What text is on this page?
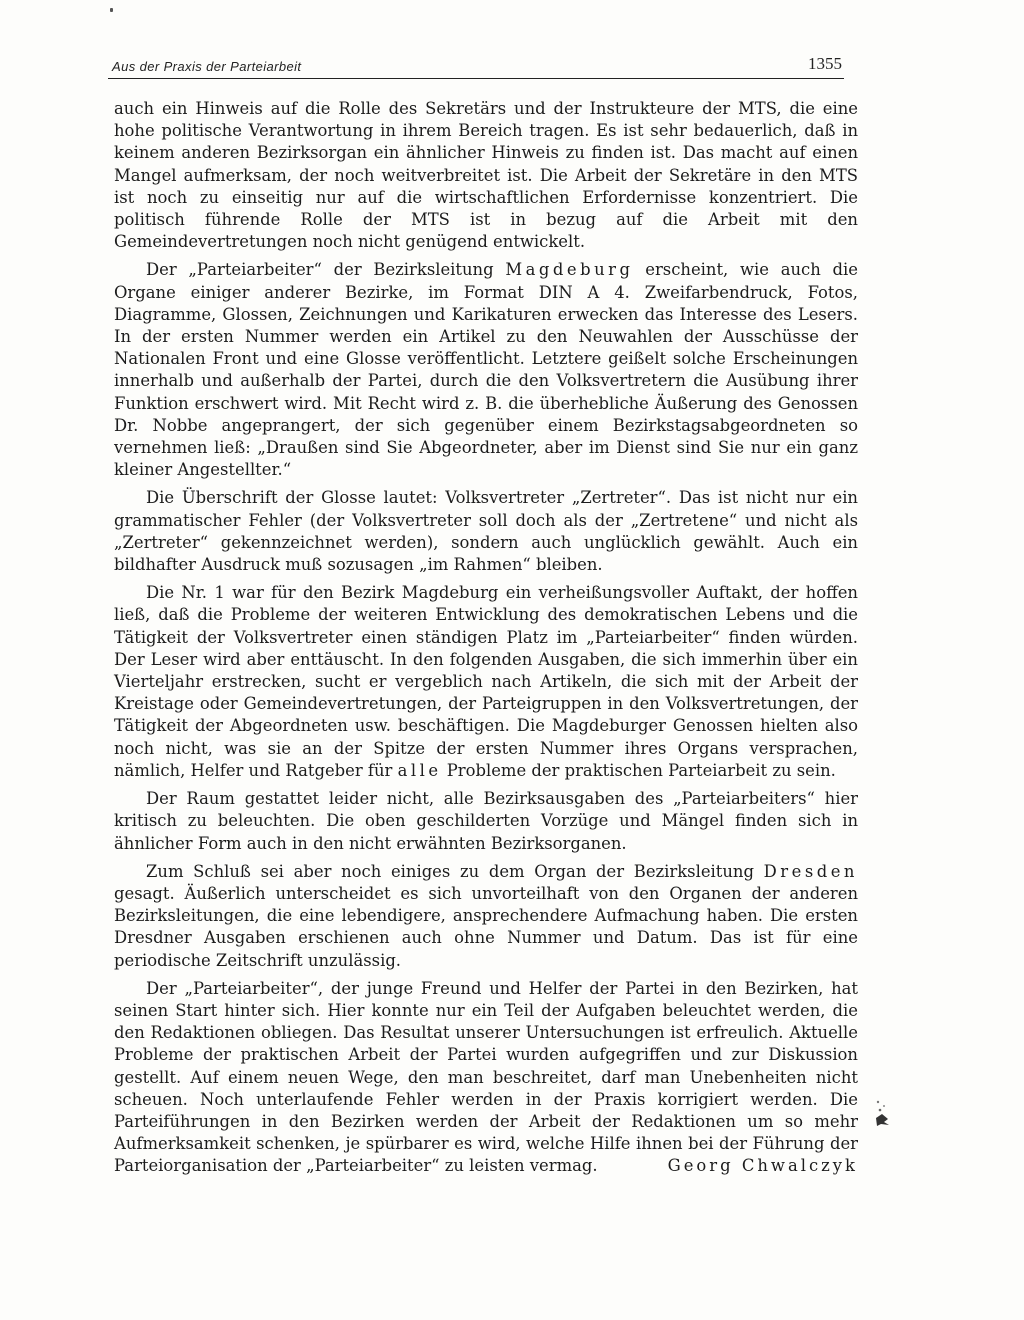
Aus der Praxis der Parteiarbeit	1355

auch ein Hinweis auf die Rolle des Sekretärs und der Instrukteure der MTS, die eine hohe politische Verantwortung in ihrem Bereich tragen. Es ist sehr bedauerlich, daß in keinem anderen Bezirksorgan ein ähnlicher Hinweis zu finden ist. Das macht auf einen Mangel aufmerksam, der noch weitverbreitet ist. Die Arbeit der Sekretäre in den MTS ist noch zu einseitig nur auf die wirtschaftlichen Erfordernisse konzentriert. Die politisch führende Rolle der MTS ist in bezug auf die Arbeit mit den Gemeindevertretungen noch nicht genügend entwickelt.

Der „Parteiarbeiter“ der Bezirksleitung Magdeburg erscheint, wie auch die Organe einiger anderer Bezirke, im Format DIN A 4. Zweifarbendruck, Fotos, Diagramme, Glossen, Zeichnungen und Karikaturen erwecken das Interesse des Lesers. In der ersten Nummer werden ein Artikel zu den Neuwahlen der Ausschüsse der Nationalen Front und eine Glosse veröffentlicht. Letztere geißelt solche Erscheinungen innerhalb und außerhalb der Partei, durch die den Volksvertretern die Ausübung ihrer Funktion erschwert wird. Mit Recht wird z. B. die überhebliche Äußerung des Genossen Dr. Nobbe angeprangert, der sich gegenüber einem Bezirkstagsabgeordneten so vernehmen ließ: „Draußen sind Sie Abgeordneter, aber im Dienst sind Sie nur ein ganz kleiner Angestellter.“

Die Überschrift der Glosse lautet: Volksvertreter „Zertreter“. Das ist nicht nur ein grammatischer Fehler (der Volksvertreter soll doch als der „Zertretene“ und nicht als „Zertreter“ gekennzeichnet werden), sondern auch unglücklich gewählt. Auch ein bildhafter Ausdruck muß sozusagen „im Rahmen“ bleiben.

Die Nr. 1 war für den Bezirk Magdeburg ein verheißungsvoller Auftakt, der hoffen ließ, daß die Probleme der weiteren Entwicklung des demokratischen Lebens und die Tätigkeit der Volksvertreter einen ständigen Platz im „Parteiarbeiter“ finden würden. Der Leser wird aber enttäuscht. In den folgenden Ausgaben, die sich immerhin über ein Vierteljahr erstrecken, sucht er vergeblich nach Artikeln, die sich mit der Arbeit der Kreistage oder Gemeindevertretungen, der Parteigruppen in den Volksvertretungen, der Tätigkeit der Abgeordneten usw. beschäftigen. Die Magdeburger Genossen hielten also noch nicht, was sie an der Spitze der ersten Nummer ihres Organs versprachen, nämlich, Helfer und Ratgeber für alle Probleme der praktischen Parteiarbeit zu sein.

Der Raum gestattet leider nicht, alle Bezirksausgaben des „Parteiarbeiters“ hier kritisch zu beleuchten. Die oben geschilderten Vorzüge und Mängel finden sich in ähnlicher Form auch in den nicht erwähnten Bezirksorganen.

Zum Schluß sei aber noch einiges zu dem Organ der Bezirksleitung Dresden gesagt. Äußerlich unterscheidet es sich unvorteilhaft von den Organen der anderen Bezirksleitungen, die eine lebendigere, ansprechendere Aufmachung haben. Die ersten Dresdner Ausgaben erschienen auch ohne Nummer und Datum. Das ist für eine periodische Zeitschrift unzulässig.

Der „Parteiarbeiter“, der junge Freund und Helfer der Partei in den Bezirken, hat seinen Start hinter sich. Hier konnte nur ein Teil der Aufgaben beleuchtet werden, die den Redaktionen obliegen. Das Resultat unserer Untersuchungen ist erfreulich. Aktuelle Probleme der praktischen Arbeit der Partei wurden aufgegriffen und zur Diskussion gestellt. Auf einem neuen Wege, den man beschreitet, darf man Unebenheiten nicht scheuen. Noch unterlaufende Fehler werden in der Praxis korrigiert werden. Die Parteiführungen in den Bezirken werden der Arbeit der Redaktionen um so mehr Aufmerksamkeit schenken, je spürbarer es wird, welche Hilfe ihnen bei der Führung der Parteiorganisation der „Parteiarbeiter“ zu leisten vermag.	Georg Chwalczyk
